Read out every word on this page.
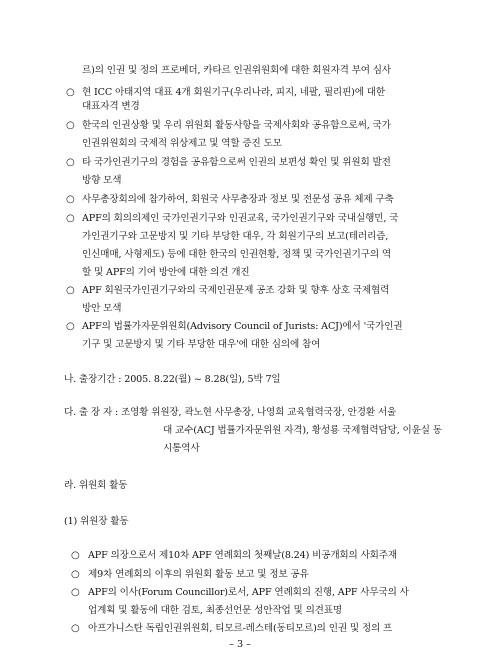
르)의 인권 및 정의 프로베더, 카타르 인권위원회에 대한 회원자격 부여 심사
○ 현 ICC 아태지역 대표 4개 회원기구(우리나라, 피지, 네팔, 필리핀)에 대한
대표자격 변경
○ 한국의 인권상황 및 우리 위원회 활동사항을 국제사회와 공유함으로써, 국가
인권위원회의 국제적 위상제고 및 역할 증진 도모
○ 타 국가인권기구의 경험을 공유함으로써 인권의 보편성 확인 및 위원회 발전
방향 모색
○ 사무총장회의에 참가하여, 회원국 사무총장과 정보 및 전문성 공유 체제 구축
○ APF의 회의의제인 국가인권기구와 인권교육, 국가인권기구와 국내실행민, 국
가인권기구와 고문방지 및 기타 부당한 대우, 각 회원기구의 보고(테러리즘,
인신매매, 사형제도) 등에 대한 한국의 인권현황, 정책 및 국가인권기구의 역
할 및 APF의 기여 방안에 대한 의견 개진
○ APF 회원국가인권기구와의 국제인권문제 공조 강화 및 향후 상호 국제협력
방안 모색
○ APF의 법률가자문위원회(Advisory Council of Jurists: ACJ)에서 '국가인권
기구 및 고문방지 및 기타 부당한 대우'에 대한 심의에 참여
나. 출장기간 : 2005. 8.22(월) ~ 8.28(일), 5박 7일
다. 출 장 자 : 조영황 위원장, 곽노현 사무총장, 나영희 교육협력국장, 안경환 서울
대 교수(ACJ 법률가자문위원 자격), 황성룡 국제협력담당, 이윤실 동
시통역사
라. 위원회 활동
(1) 위원장 활동
○ APF 의장으로서 제10차 APF 연례회의 첫째날(8.24) 비공개회의 사회주재
○ 제9차 연례회의 이후의 위원회 활동 보고 및 정보 공유
○ APF의 이사(Forum Councillor)로서, APF 연례회의 진행, APF 사무국의 사
업계획 및 활동에 대한 검토, 최종선언문 성안작업 및 의견표명
○ 아프가니스탄 독립인권위원회, 티모르-레스테(동티모르)의 인권 및 정의 프
– 3 –
